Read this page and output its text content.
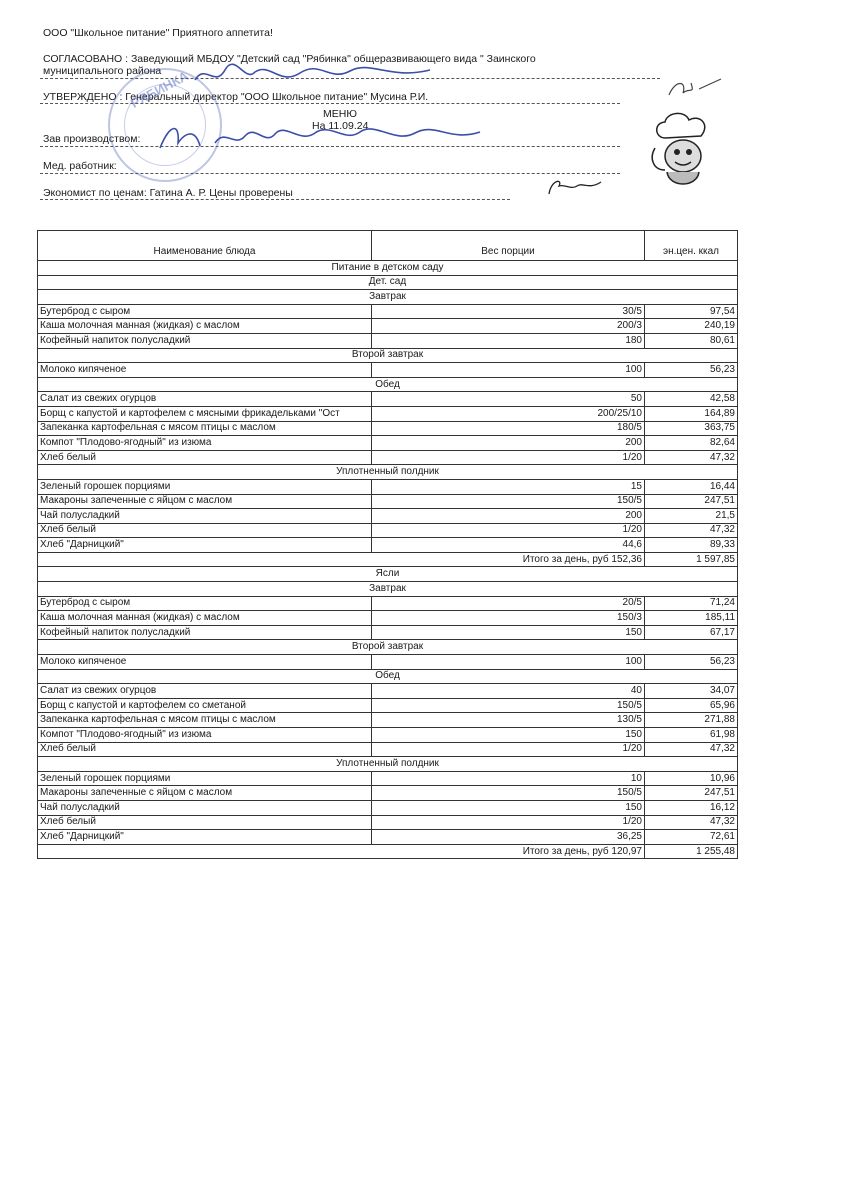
ООО "Школьное питание" Приятного аппетита!
СОГЛАСОВАНО : Заведующий МБДОУ "Детский сад "Рябинка" общеразвивающего вида " Заинского
муниципального района
УТВЕРЖДЕНО : Генеральный директор "ООО Школьное питание" Мусина Р.И.
МЕНЮ
На 11.09.24
Зав производством:
Мед. работник:
Экономист по ценам: Гатина А. Р. Цены проверены
РЯБИНКА
Наименование блюда	Вес порции	эн.цен. ккал
Питание в детском саду		
Дет. сад		
Завтрак		
Бутерброд с сыром	30/5	97,54
Каша молочная манная (жидкая) с маслом	200/3	240,19
Кофейный напиток полусладкий	180	80,61
Второй завтрак		
Молоко кипяченое	100	56,23
Обед		
Салат из свежих огурцов	50	42,58
Борщ с капустой и картофелем с мясными фрикадельками "Ост	200/25/10	164,89
Запеканка картофельная с мясом птицы с маслом	180/5	363,75
Компот "Плодово-ягодный" из изюма	200	82,64
Хлеб белый	1/20	47,32
Уплотненный полдник		
Зеленый горошек порциями	15	16,44
Макароны запеченные с яйцом с маслом	150/5	247,51
Чай полусладкий	200	21,5
Хлеб белый	1/20	47,32
Хлеб "Дарницкий"	44,6	89,33
	Итого за день, руб 152,36	1 597,85
Ясли		
Завтрак		
Бутерброд с сыром	20/5	71,24
Каша молочная манная (жидкая) с маслом	150/3	185,11
Кофейный напиток полусладкий	150	67,17
Второй завтрак		
Молоко кипяченое	100	56,23
Обед		
Салат из свежих огурцов	40	34,07
Борщ с капустой и картофелем со сметаной	150/5	65,96
Запеканка картофельная с мясом птицы с маслом	130/5	271,88
Компот "Плодово-ягодный" из изюма	150	61,98
Хлеб белый	1/20	47,32
Уплотненный полдник		
Зеленый горошек порциями	10	10,96
Макароны запеченные с яйцом с маслом	150/5	247,51
Чай полусладкий	150	16,12
Хлеб белый	1/20	47,32
Хлеб "Дарницкий"	36,25	72,61
	Итого за день, руб 120,97	1 255,48
